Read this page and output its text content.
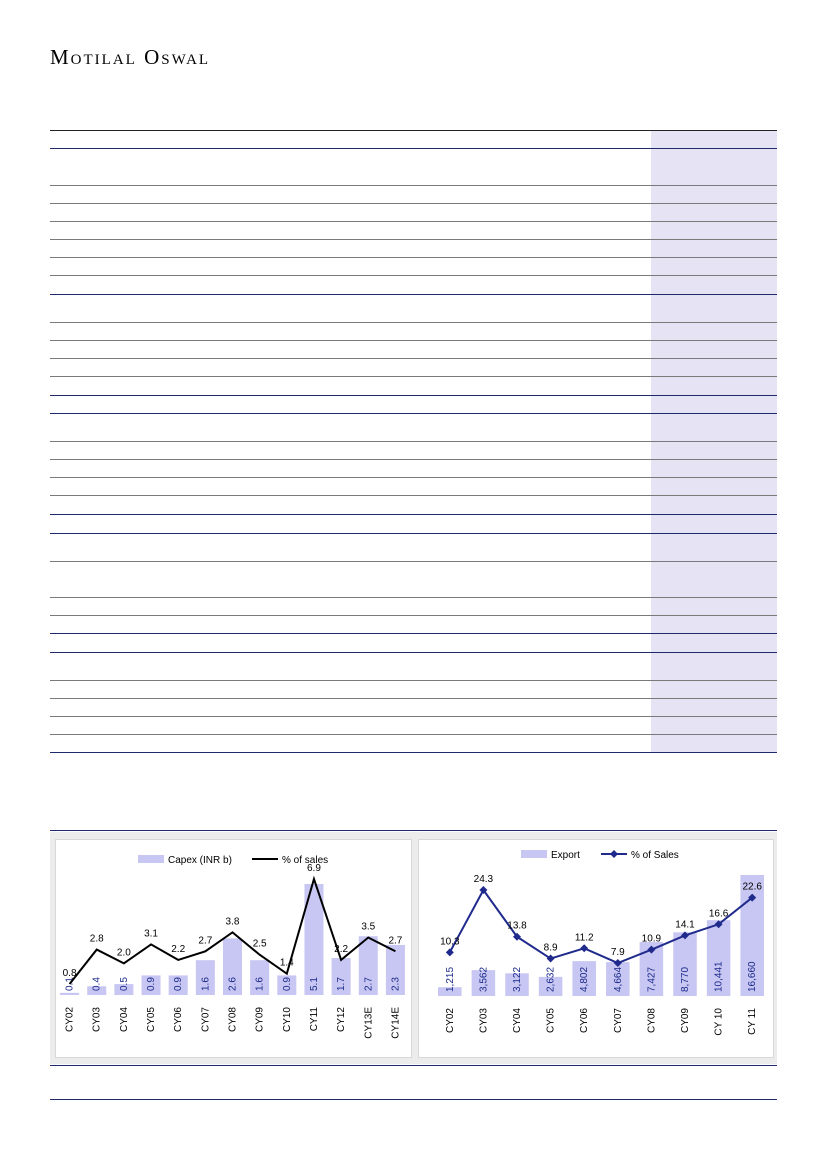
Motilal Oswal
Capex (INR b)	% of sales
0.1
CY02
0.4
CY03
0.5
CY04
0.9
CY05
0.9
CY06
1.6
CY07
2.6
CY08
1.6
CY09
0.9
CY10
5.1
CY11
1.7
CY12
2.7
CY13E
2.3
CY14E
0.8
2.8
2.0
3.1
2.2
2.7
3.8
2.5
1.4
6.9
2.2
3.5
2.7
Export	% of Sales
1,215
CY02
3,562
CY03
3,122
CY04
2,632
CY05
4,802
CY06
4,664
CY07
7,427
CY08
8,770
CY09
10,441
CY 10
16,660
CY 11
10.3
24.3
13.8
8.9
11.2
7.9
10.9
14.1
16.6
22.6
